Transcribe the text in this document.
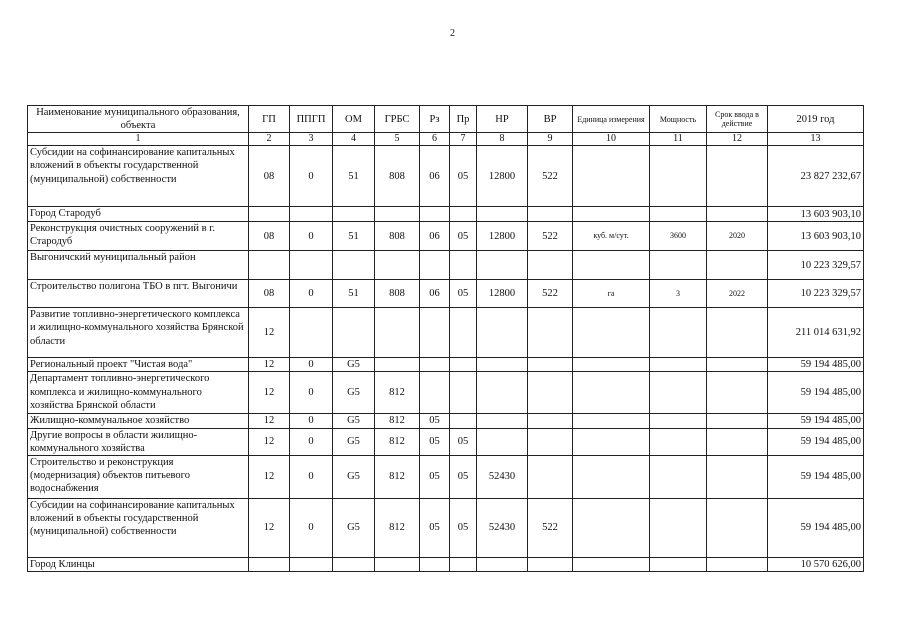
2
Наименование муниципального образования, объекта	ГП	ППГП	ОМ	ГРБС	Рз	Пр	НР	ВР	Единица измерения	Мощность	Срок ввода в действие	2019 год
1	2	3	4	5	6	7	8	9	10	11	12	13
Субсидии на софинансирование капитальных вложений в объекты государственной (муниципальной) собственности	08	0	51	808	06	05	12800	522				23 827 232,67
Город Стародуб												13 603 903,10
Реконструкция очистных сооружений в г. Стародуб	08	0	51	808	06	05	12800	522	куб. м/сут.	3600	2020	13 603 903,10
Выгоничский муниципальный район												10 223 329,57
Строительство полигона ТБО в пгт. Выгоничи	08	0	51	808	06	05	12800	522	га	3	2022	10 223 329,57
Развитие топливно-энергетического комплекса и жилищно-коммунального хозяйства Брянской области	12											211 014 631,92
Региональный проект "Чистая вода"	12	0	G5									59 194 485,00
Департамент топливно-энергетического комплекса и жилищно-коммунального хозяйства Брянской области	12	0	G5	812								59 194 485,00
Жилищно-коммунальное хозяйство	12	0	G5	812	05							59 194 485,00
Другие вопросы в области жилищно-коммунального хозяйства	12	0	G5	812	05	05						59 194 485,00
Строительство и реконструкция (модернизация) объектов питьевого водоснабжения	12	0	G5	812	05	05	52430					59 194 485,00
Субсидии на софинансирование капитальных вложений в объекты государственной (муниципальной) собственности	12	0	G5	812	05	05	52430	522				59 194 485,00
Город Клинцы												10 570 626,00
